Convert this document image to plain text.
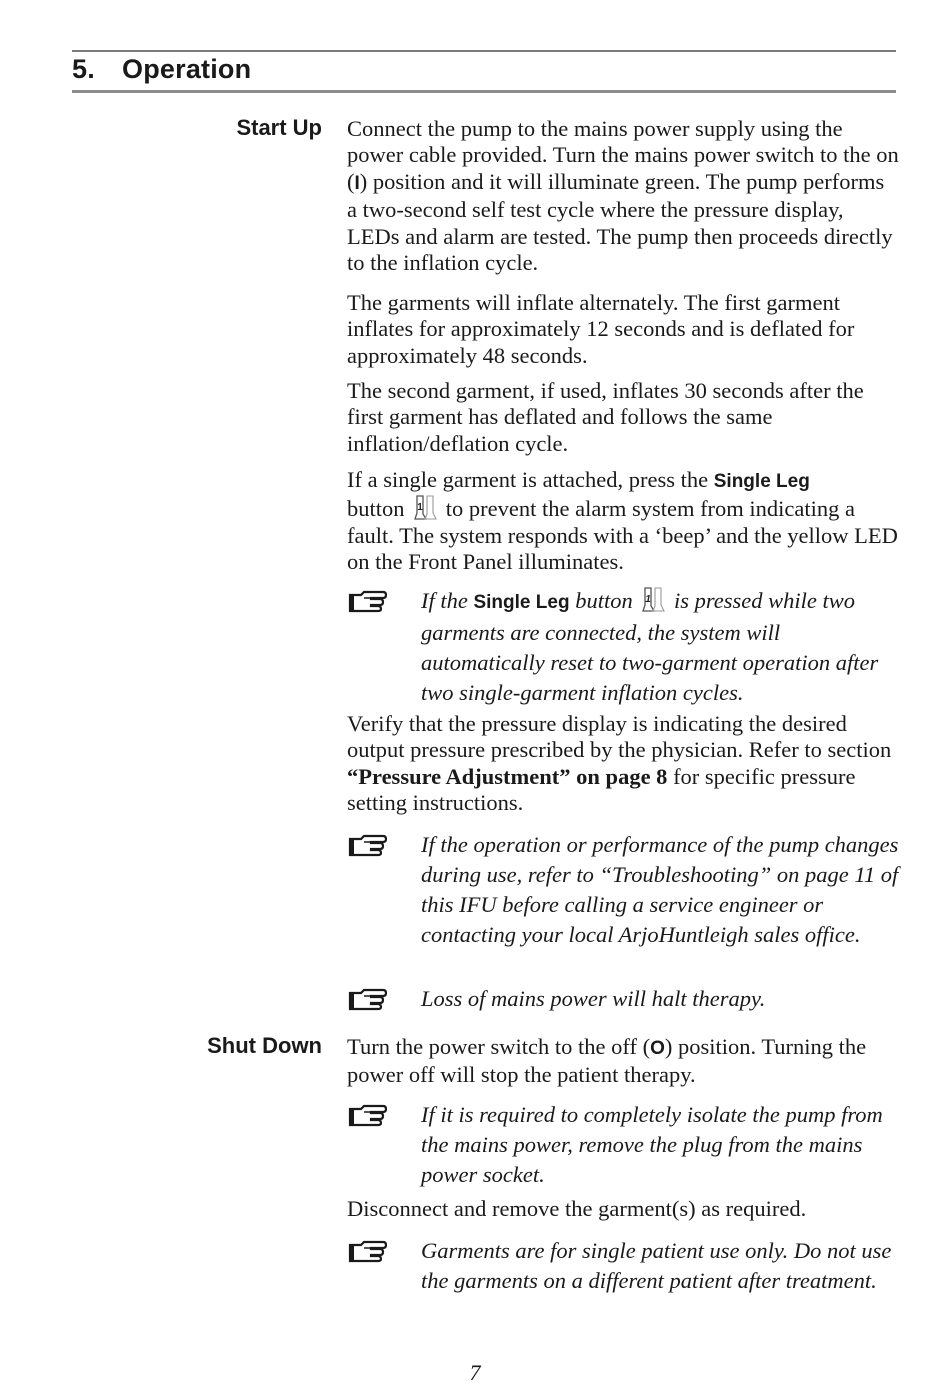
5. Operation
Start Up Connect the pump to the mains power supply using the power cable provided. Turn the mains power switch to the on (I) position and it will illuminate green. The pump performs a two-second self test cycle where the pressure display, LEDs and alarm are tested. The pump then proceeds directly to the inflation cycle.

The garments will inflate alternately. The first garment inflates for approximately 12 seconds and is deflated for approximately 48 seconds.

The second garment, if used, inflates 30 seconds after the first garment has deflated and follows the same inflation/deflation cycle.

If a single garment is attached, press the Single Leg
button  to prevent the alarm system from indicating a fault. The system responds with a ‘beep’ and the yellow LED on the Front Panel illuminates.

If the Single Leg button  is pressed while two garments are connected, the system will automatically reset to two-garment operation after two single-garment inflation cycles.

Verify that the pressure display is indicating the desired output pressure prescribed by the physician. Refer to section “Pressure Adjustment” on page 8 for specific pressure setting instructions.

If the operation or performance of the pump changes during use, refer to “Troubleshooting” on page 11 of this IFU before calling a service engineer or contacting your local ArjoHuntleigh sales office.
Loss of mains power will halt therapy.
Shut Down Turn the power switch to the off (O) position. Turning the power off will stop the patient therapy.

If it is required to completely isolate the pump from the mains power, remove the plug from the mains power socket.

Disconnect and remove the garment(s) as required.

Garments are for single patient use only. Do not use the garments on a different patient after treatment.
7
